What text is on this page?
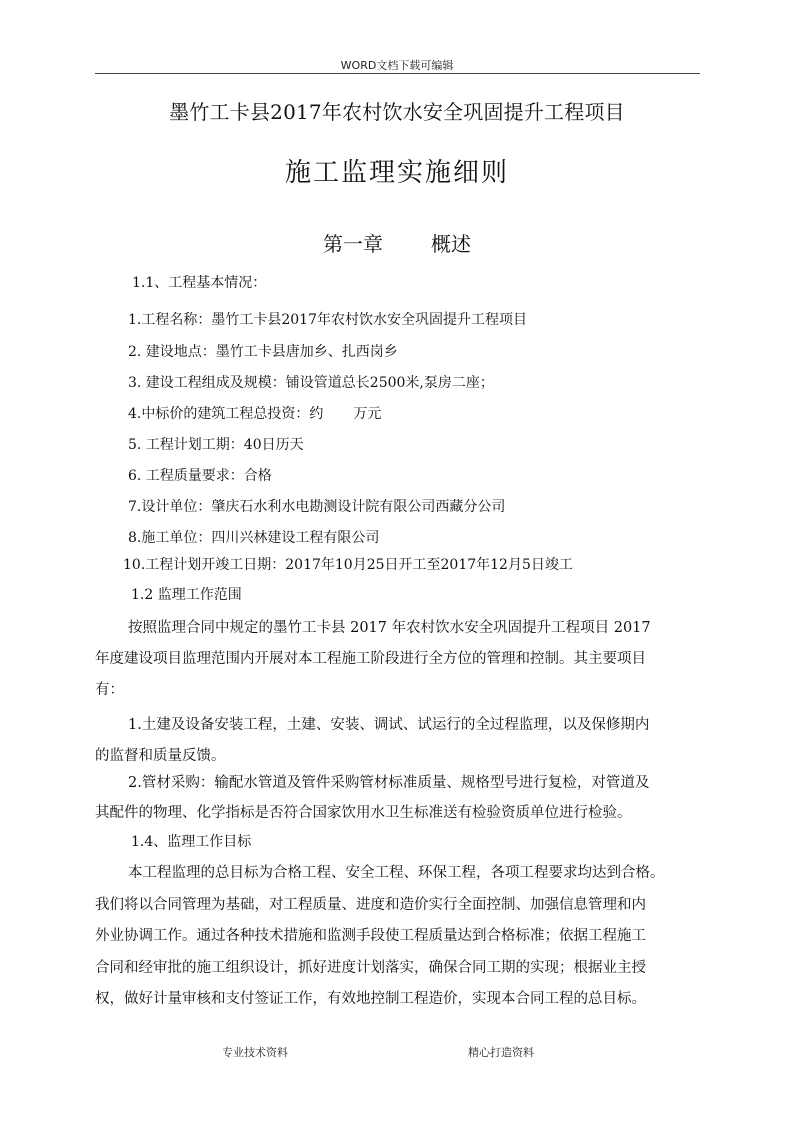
WORD文档下载可编辑
墨竹工卡县2017年农村饮水安全巩固提升工程项目
施工监理实施细则
第一章 概述
1.1、工程基本情况：
1.工程名称：墨竹工卡县2017年农村饮水安全巩固提升工程项目
2. 建设地点：墨竹工卡县唐加乡、扎西岗乡
3. 建设工程组成及规模：铺设管道总长2500米,泵房二座；
4.中标价的建筑工程总投资：约 万元
5. 工程计划工期：40日历天
6. 工程质量要求：合格
7.设计单位：肇庆石水利水电勘测设计院有限公司西藏分公司
8.施工单位：四川兴林建设工程有限公司
10.工程计划开竣工日期：2017年10月25日开工至2017年12月5日竣工
1.2 监理工作范围
按照监理合同中规定的墨竹工卡县 2017 年农村饮水安全巩固提升工程项目 2017
年度建设项目监理范围内开展对本工程施工阶段进行全方位的管理和控制。其主要项目
有：
1.土建及设备安装工程，土建、安装、调试、试运行的全过程监理，以及保修期内
的监督和质量反馈。
2.管材采购：输配水管道及管件采购管材标准质量、规格型号进行复检，对管道及
其配件的物理、化学指标是否符合国家饮用水卫生标准送有检验资质单位进行检验。
1.4、监理工作目标
本工程监理的总目标为合格工程、安全工程、环保工程，各项工程要求均达到合格。
我们将以合同管理为基础，对工程质量、进度和造价实行全面控制、加强信息管理和内
外业协调工作。通过各种技术措施和监测手段使工程质量达到合格标准；依据工程施工
合同和经审批的施工组织设计，抓好进度计划落实，确保合同工期的实现；根据业主授
权，做好计量审核和支付签证工作，有效地控制工程造价，实现本合同工程的总目标。
专业技术资料	精心打造资料
